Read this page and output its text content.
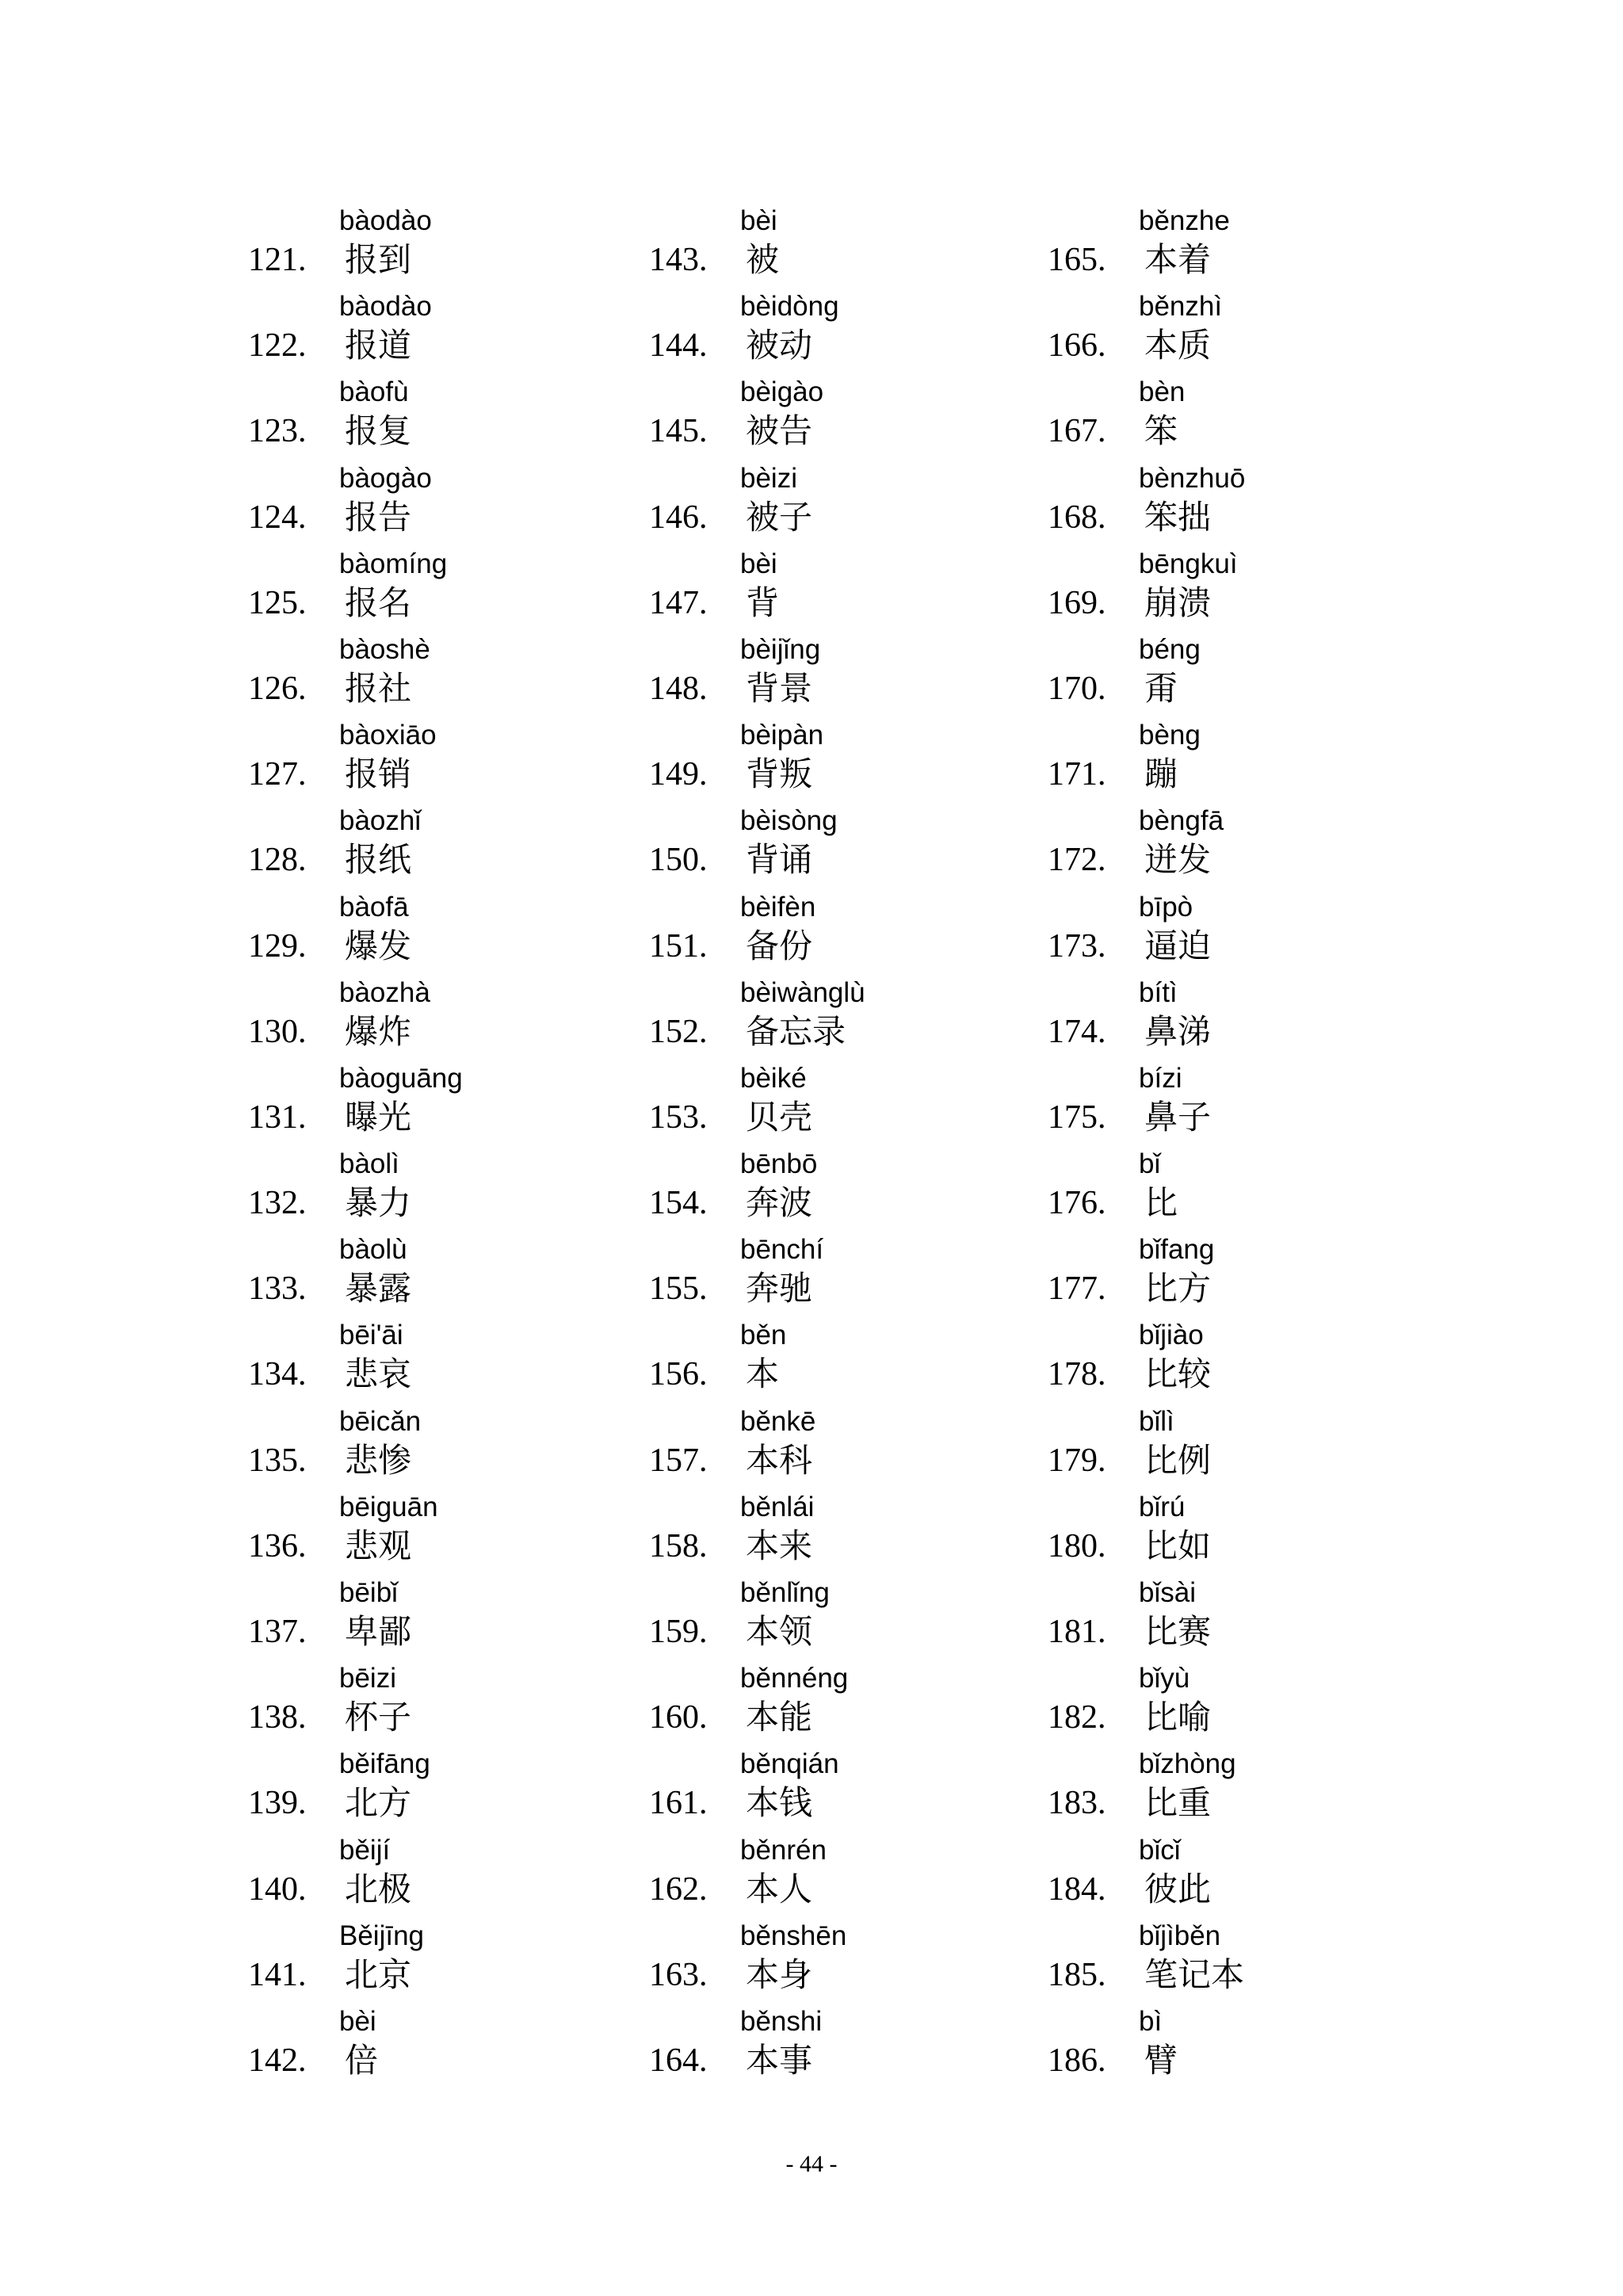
bàodào
121. 报到
bàodào
122. 报道
bàofù
123. 报复
bàogào
124. 报告
bàomíng
125. 报名
bàoshè
126. 报社
bàoxiāo
127. 报销
bàozhǐ
128. 报纸
bàofā
129. 爆发
bàozhà
130. 爆炸
bàoguāng
131. 曝光
bàolì
132. 暴力
bàolù
133. 暴露
bēi'āi
134. 悲哀
bēicǎn
135. 悲惨
bēiguān
136. 悲观
bēibǐ
137. 卑鄙
bēizi
138. 杯子
běifāng
139. 北方
běijí
140. 北极
Běijīng
141. 北京
bèi
142. 倍
bèi
143. 被
bèidòng
144. 被动
bèigào
145. 被告
bèizi
146. 被子
bèi
147. 背
bèijǐng
148. 背景
bèipàn
149. 背叛
bèisòng
150. 背诵
bèifèn
151. 备份
bèiwànglù
152. 备忘录
bèiké
153. 贝壳
bēnbō
154. 奔波
bēnchí
155. 奔驰
běn
156. 本
běnkē
157. 本科
běnlái
158. 本来
běnlǐng
159. 本领
běnnéng
160. 本能
běnqián
161. 本钱
běnrén
162. 本人
běnshēn
163. 本身
běnshi
164. 本事
běnzhe
165. 本着
běnzhì
166. 本质
bèn
167. 笨
bènzhuō
168. 笨拙
bēngkuì
169. 崩溃
béng
170. 甭
bèng
171. 蹦
bèngfā
172. 迸发
bīpò
173. 逼迫
bítì
174. 鼻涕
bízi
175. 鼻子
bǐ
176. 比
bǐfang
177. 比方
bǐjiào
178. 比较
bǐlì
179. 比例
bǐrú
180. 比如
bǐsài
181. 比赛
bǐyù
182. 比喻
bǐzhòng
183. 比重
bǐcǐ
184. 彼此
bǐjìběn
185. 笔记本
bì
186. 臂
- 44 -
